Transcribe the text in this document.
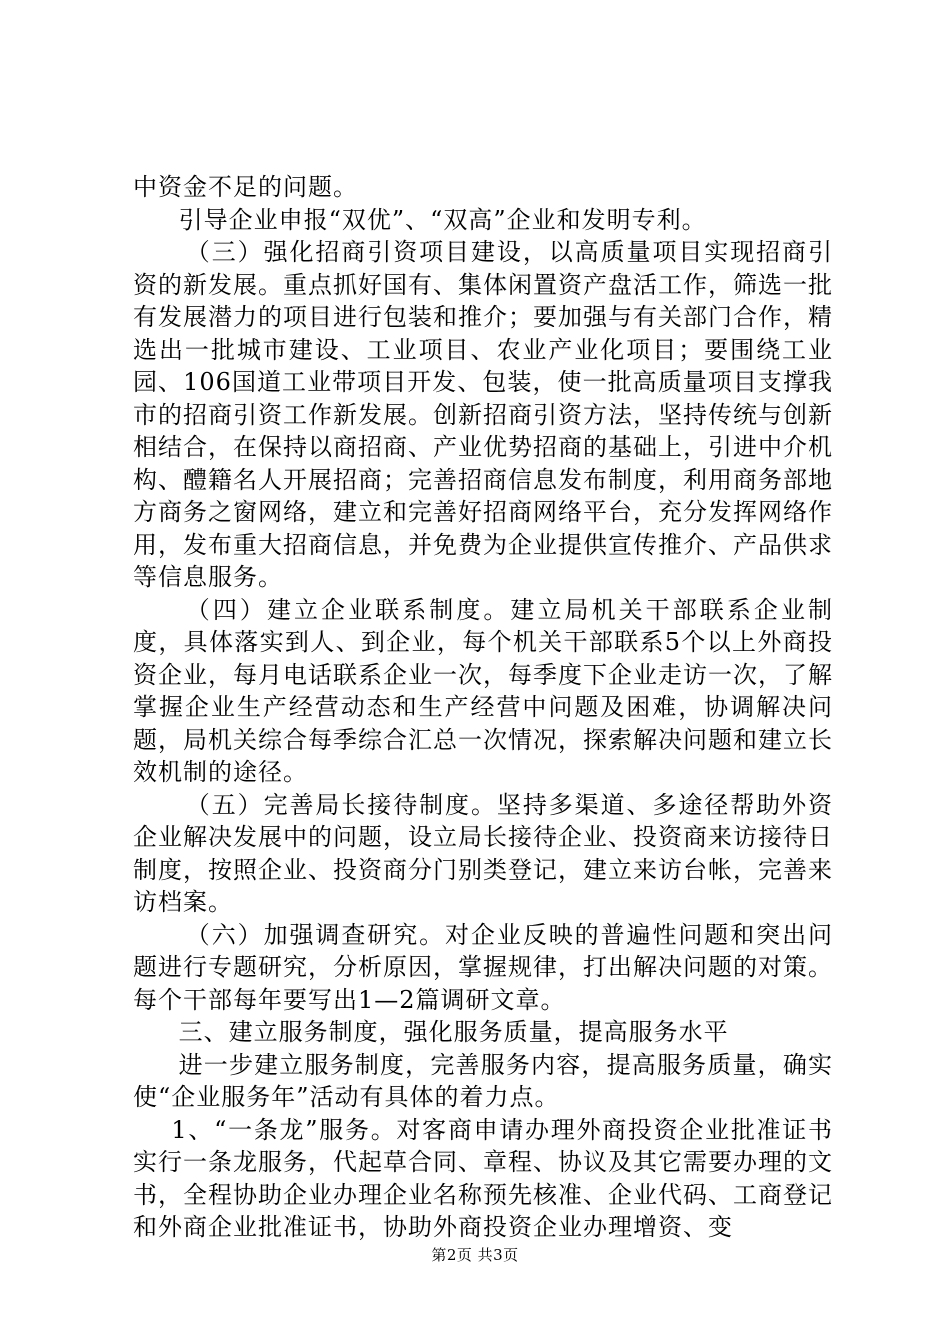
中资金不足的问题。

引导企业申报“双优”、“双高”企业和发明专利。

（三）强化招商引资项目建设，以高质量项目实现招商引资的新发展。重点抓好国有、集体闲置资产盘活工作，筛选一批有发展潜力的项目进行包装和推介；要加强与有关部门合作，精选出一批城市建设、工业项目、农业产业化项目；要围绕工业园、106国道工业带项目开发、包装，使一批高质量项目支撑我市的招商引资工作新发展。创新招商引资方法，坚持传统与创新相结合，在保持以商招商、产业优势招商的基础上，引进中介机构、醴籍名人开展招商；完善招商信息发布制度，利用商务部地方商务之窗网络，建立和完善好招商网络平台，充分发挥网络作用，发布重大招商信息，并免费为企业提供宣传推介、产品供求等信息服务。

（四）建立企业联系制度。建立局机关干部联系企业制度，具体落实到人、到企业，每个机关干部联系5个以上外商投资企业，每月电话联系企业一次，每季度下企业走访一次，了解掌握企业生产经营动态和生产经营中问题及困难，协调解决问题，局机关综合每季综合汇总一次情况，探索解决问题和建立长效机制的途径。

（五）完善局长接待制度。坚持多渠道、多途径帮助外资企业解决发展中的问题，设立局长接待企业、投资商来访接待日制度，按照企业、投资商分门别类登记，建立来访台帐，完善来访档案。

（六）加强调查研究。对企业反映的普遍性问题和突出问题进行专题研究，分析原因，掌握规律，打出解决问题的对策。每个干部每年要写出1—2篇调研文章。

三、建立服务制度，强化服务质量，提高服务水平

进一步建立服务制度，完善服务内容，提高服务质量，确实使“企业服务年”活动有具体的着力点。

1、“一条龙”服务。对客商申请办理外商投资企业批准证书实行一条龙服务，代起草合同、章程、协议及其它需要办理的文书，全程协助企业办理企业名称预先核准、企业代码、工商登记和外商企业批准证书，协助外商投资企业办理增资、变

第2页 共3页
